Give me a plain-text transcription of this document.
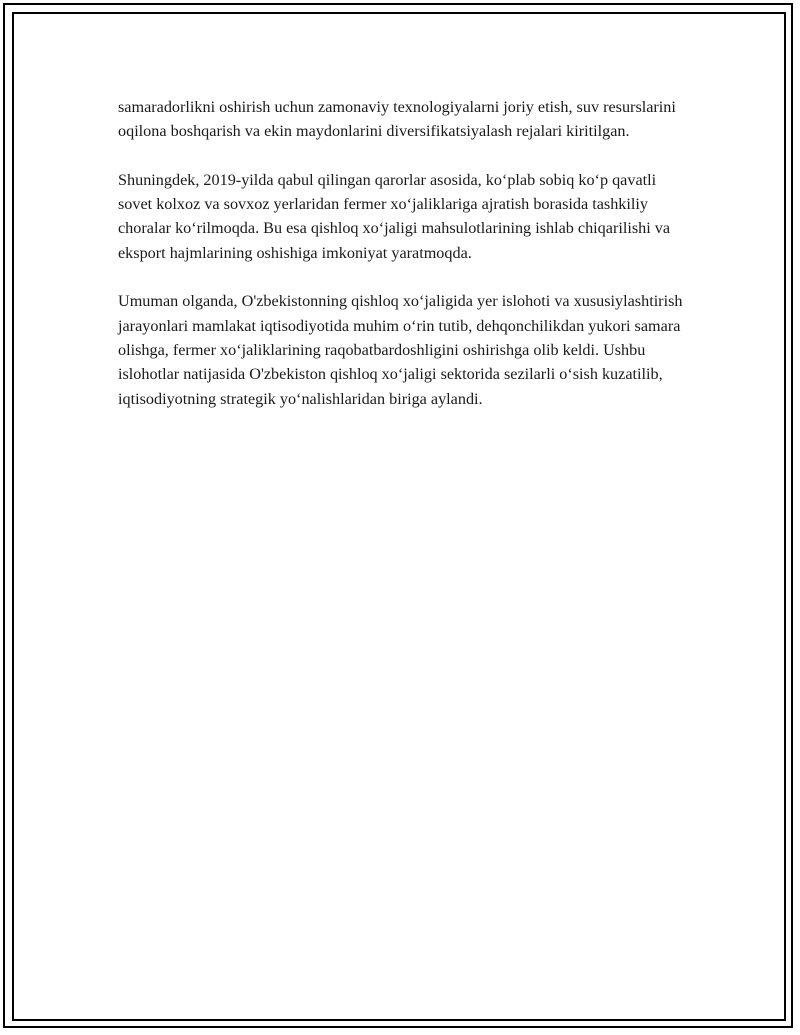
samaradorlikni oshirish uchun zamonaviy texnologiyalarni joriy etish, suv resurslarini oqilona boshqarish va ekin maydonlarini diversifikatsiyalash rejalari kiritilgan.

Shuningdek, 2019-yilda qabul qilingan qarorlar asosida, ko‘plab sobiq ko‘p qavatli sovet kolxoz va sovxoz yerlaridan fermer xo‘jaliklariga ajratish borasida tashkiliy choralar ko‘rilmoqda. Bu esa qishloq xo‘jaligi mahsulotlarining ishlab chiqarilishi va eksport hajmlarining oshishiga imkoniyat yaratmoqda.

Umuman olganda, O'zbekistonning qishloq xo‘jaligida yer islohoti va xususiylashtirish jarayonlari mamlakat iqtisodiyotida muhim o‘rin tutib, dehqonchilikdan yukori samara olishga, fermer xo‘jaliklarining raqobatbardoshligini oshirishga olib keldi. Ushbu islohotlar natijasida O'zbekiston qishloq xo‘jaligi sektorida sezilarli o‘sish kuzatilib, iqtisodiyotning strategik yo‘nalishlaridan biriga aylandi.
